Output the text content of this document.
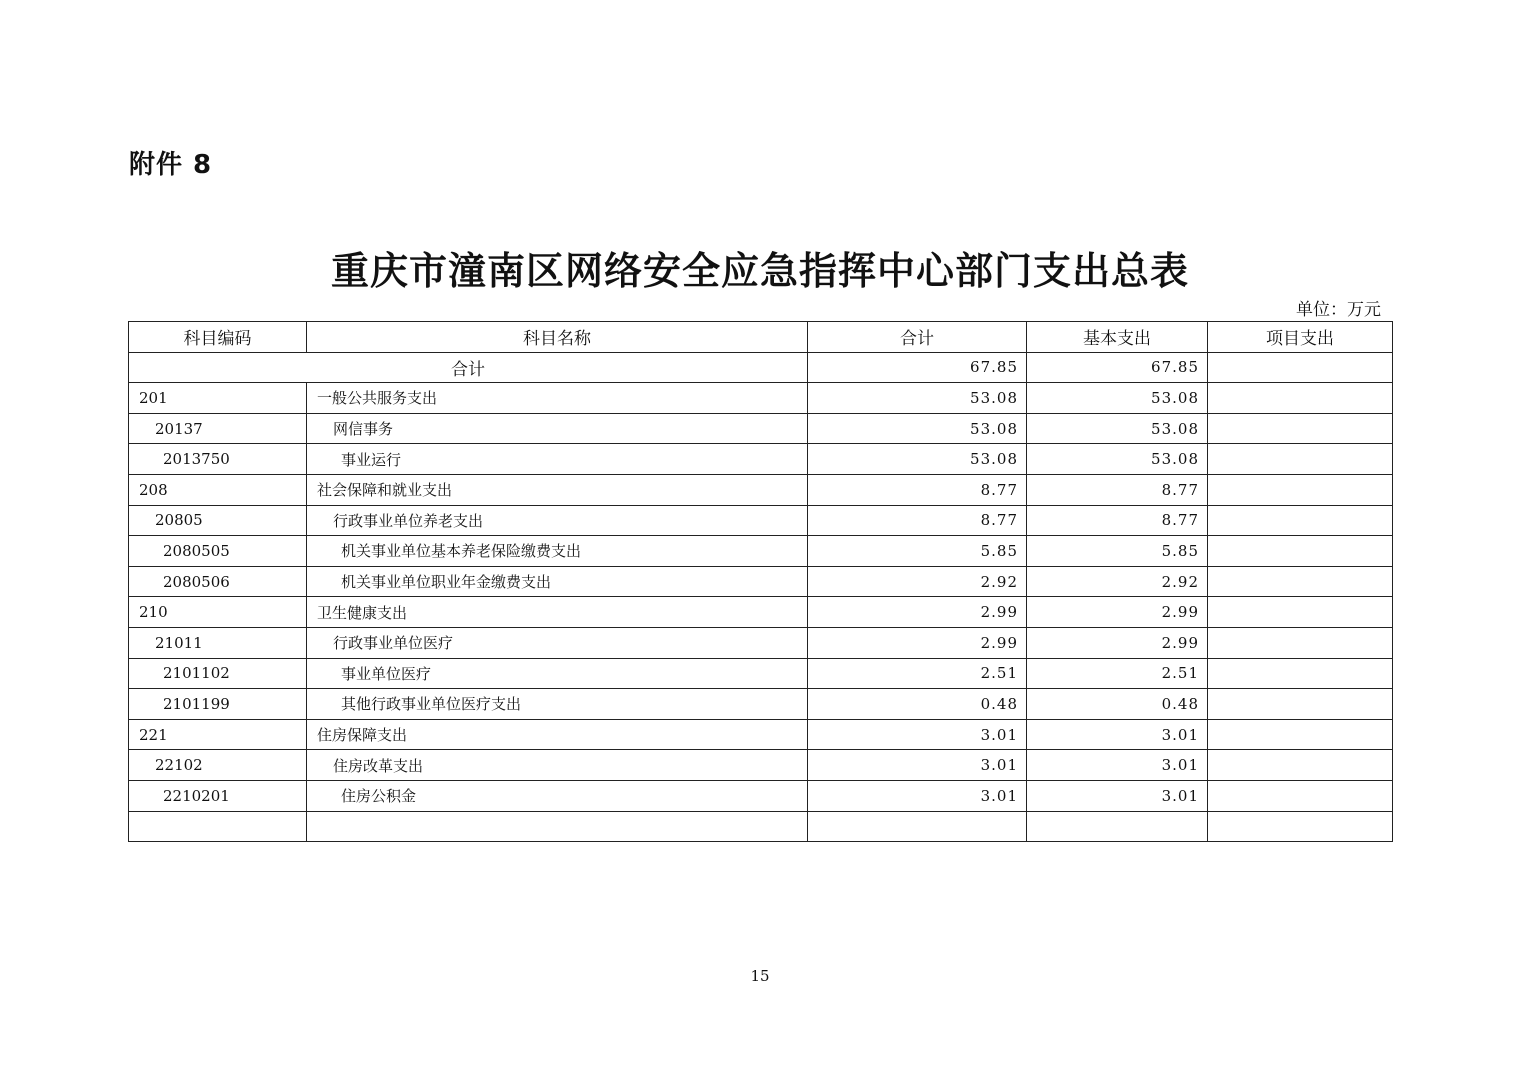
附件 8
重庆市潼南区网络安全应急指挥中心部门支出总表
单位：万元
科目编码	科目名称	合计	基本支出	项目支出
合计		67.85	67.85	
201	一般公共服务支出	53.08	53.08	
20137	网信事务	53.08	53.08	
2013750	事业运行	53.08	53.08	
208	社会保障和就业支出	8.77	8.77	
20805	行政事业单位养老支出	8.77	8.77	
2080505	机关事业单位基本养老保险缴费支出	5.85	5.85	
2080506	机关事业单位职业年金缴费支出	2.92	2.92	
210	卫生健康支出	2.99	2.99	
21011	行政事业单位医疗	2.99	2.99	
2101102	事业单位医疗	2.51	2.51	
2101199	其他行政事业单位医疗支出	0.48	0.48	
221	住房保障支出	3.01	3.01	
22102	住房改革支出	3.01	3.01	
2210201	住房公积金	3.01	3.01	

15
